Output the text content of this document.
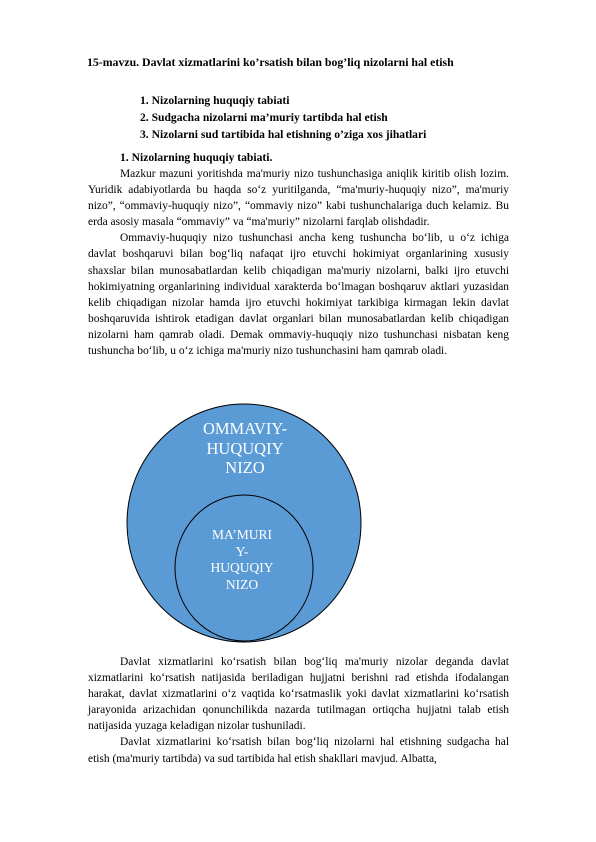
15-mavzu. Davlat xizmatlarini ko’rsatish bilan bog’liq nizolarni hal etish
1. Nizolarning huquqiy tabiati
2. Sudgacha nizolarni ma’muriy tartibda hal etish
3. Nizolarni sud tartibida hal etishning o’ziga xos jihatlari
1. Nizolarning huquqiy tabiati.

Mazkur mazuni yoritishda ma'muriy nizo tushunchasiga aniqlik kiritib olish lozim. Yuridik adabiyotlarda bu haqda so‘z yuritilganda, “ma'muriy-huquqiy nizo”, ma'muriy nizo”, “ommaviy-huquqiy nizo”, “ommaviy nizo” kabi tushunchalariga duch kelamiz. Bu erda asosiy masala “ommaviy” va “ma'muriy” nizolarni farqlab olishdadir.

Ommaviy-huquqiy nizo tushunchasi ancha keng tushuncha bo‘lib, u o‘z ichiga davlat boshqaruvi bilan bog‘liq nafaqat ijro etuvchi hokimiyat organlarining xususiy shaxslar bilan munosabatlardan kelib chiqadigan ma'muriy nizolarni, balki ijro etuvchi hokimiyatning organlarining individual xarakterda bo‘lmagan boshqaruv aktlari yuzasidan kelib chiqadigan nizolar hamda ijro etuvchi hokimiyat tarkibiga kirmagan lekin davlat boshqaruvida ishtirok etadigan davlat organlari bilan munosabatlardan kelib chiqadigan nizolarni ham qamrab oladi. Demak ommaviy-huquqiy nizo tushunchasi nisbatan keng tushuncha bo‘lib, u o‘z ichiga ma'muriy nizo tushunchasini ham qamrab oladi.

OMMAVIY-
HUQUQIY
NIZO
MA’MURI
Y-
HUQUQIY
NIZO

Davlat xizmatlarini ko‘rsatish bilan bog‘liq ma'muriy nizolar deganda davlat xizmatlarini ko‘rsatish natijasida beriladigan hujjatni berishni rad etishda ifodalangan harakat, davlat xizmatlarini o‘z vaqtida ko‘rsatmaslik yoki davlat xizmatlarini ko‘rsatish jarayonida arizachidan qonunchilikda nazarda tutilmagan ortiqcha hujjatni talab etish natijasida yuzaga keladigan nizolar tushuniladi.

Davlat xizmatlarini ko‘rsatish bilan bog‘liq nizolarni hal etishning sudgacha hal etish (ma'muriy tartibda) va sud tartibida hal etish shakllari mavjud. Albatta,
